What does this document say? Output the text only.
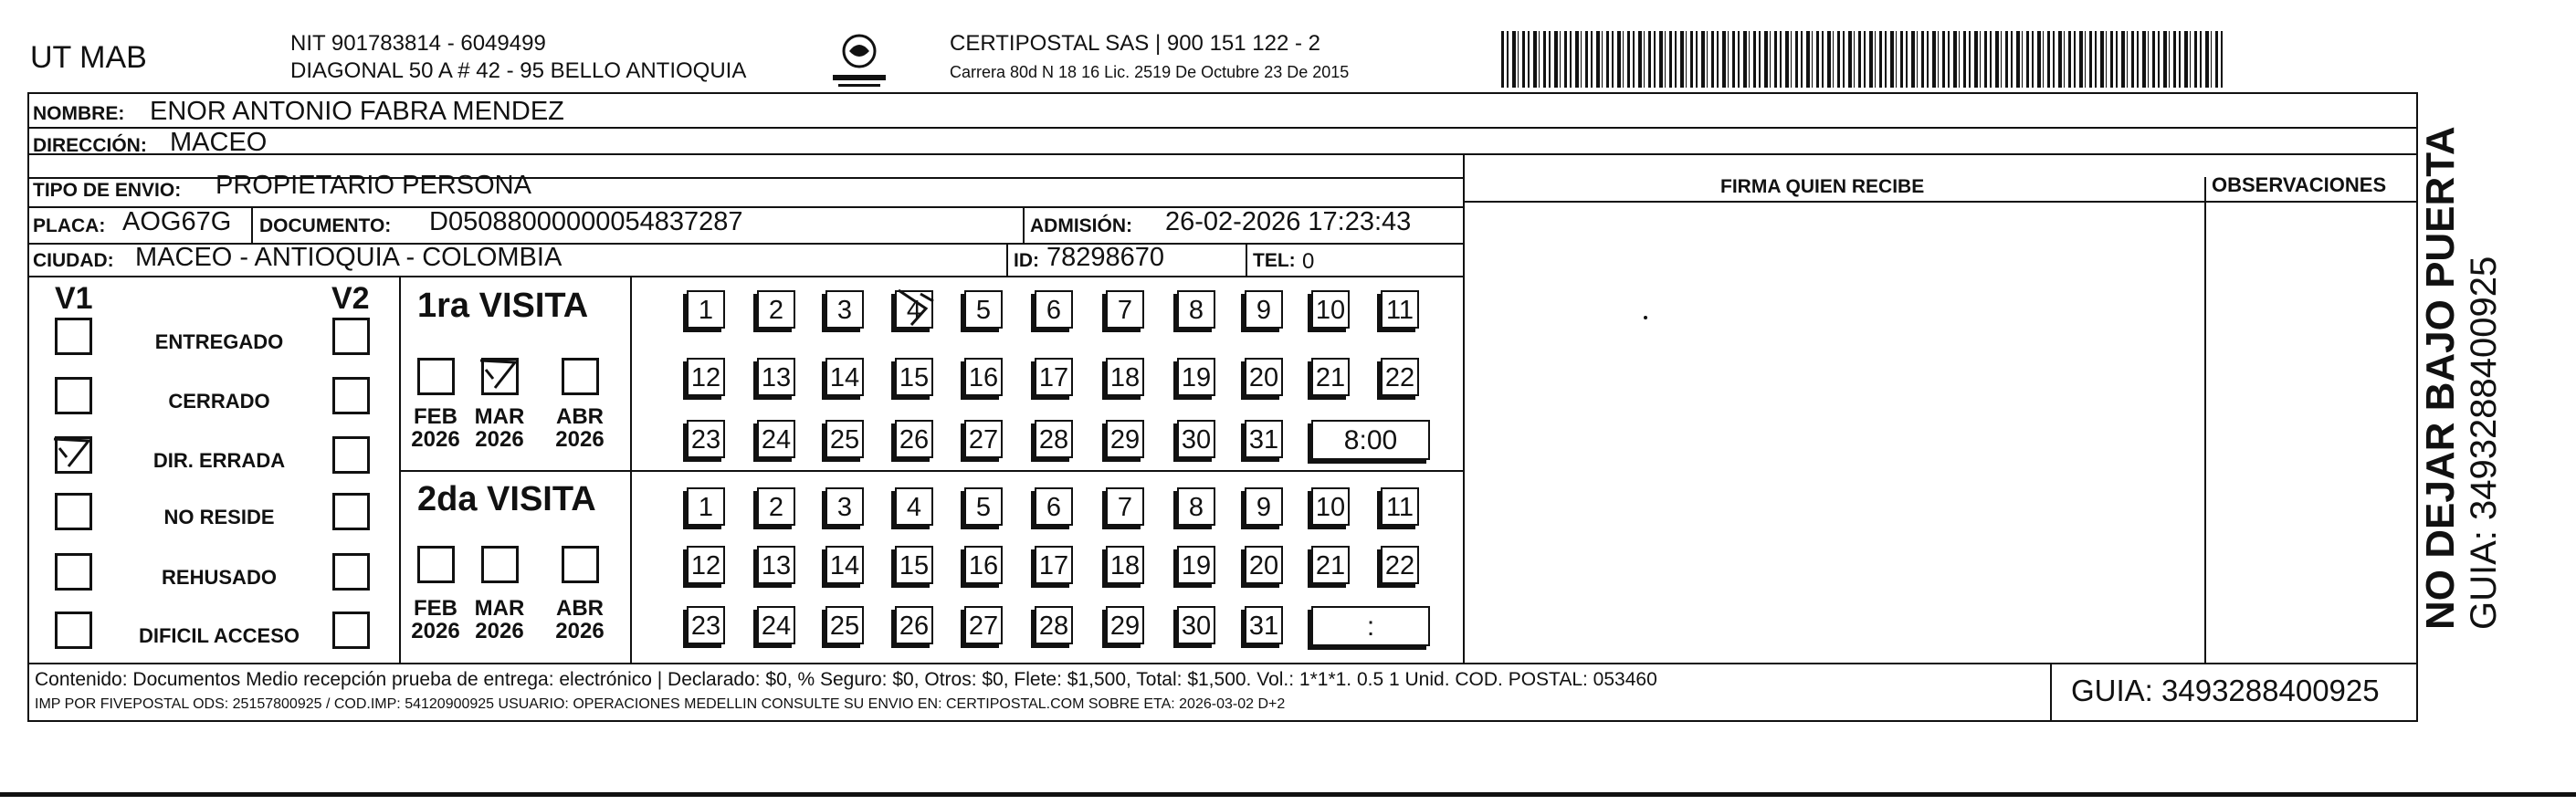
UT MAB	NIT 901783814 - 6049499
DIAGONAL 50 A # 42 - 95 BELLO ANTIOQUIA
CERTIPOSTAL SAS | 900 151 122 - 2
Carrera 80d N 18 16 Lic. 2519 De Octubre 23 De 2015
NOMBRE: ENOR ANTONIO FABRA MENDEZ
DIRECCIÓN: MACEO
TIPO DE ENVIO: PROPIETARIO PERSONA	FIRMA QUIEN RECIBE	OBSERVACIONES
PLACA: AOG67G DOCUMENTO: D05088000000054837287	ADMISIÓN: 26-02-2026 17:23:43
CIUDAD: MACEO - ANTIOQUIA - COLOMBIA	ID: 78298670	TEL: 0
V1	V2 1ra VISITA
2da VISITA
Contenido: Documentos Medio recepción prueba de entrega: electrónico | Declarado: $0, % Seguro: $0, Otros: $0, Flete: $1,500, Total: $1,500. Vol.: 1*1*1. 0.5 1 Unid. COD. POSTAL: 053460
IMP POR FIVEPOSTAL ODS: 25157800925 / COD.IMP: 54120900925 USUARIO: OPERACIONES MEDELLIN CONSULTE SU ENVIO EN: CERTIPOSTAL.COM SOBRE ETA: 2026-03-02 D+2	GUIA: 3493288400925
NO DEJAR BAJO PUERTA GUIA: 3493288400925
ENTREGADO
CERRADO
DIR. ERRADA
NO RESIDE
REHUSADO
DIFICIL ACCESO
FEB
2026
MAR
2026
ABR
2026
FEB
2026
MAR
2026
ABR
2026
1	2	3	4	5	6	7	8	9	10 11
12 13 14 15 16 17 18 19 20 21 22
23 24 25 26 27 28 29 30 31	8:00
1	2	3	4	5	6	7	8	9	10 11
12 13 14 15 16 17 18 19 20 21 22
23 24 25 26 27 28 29 30 31	:
